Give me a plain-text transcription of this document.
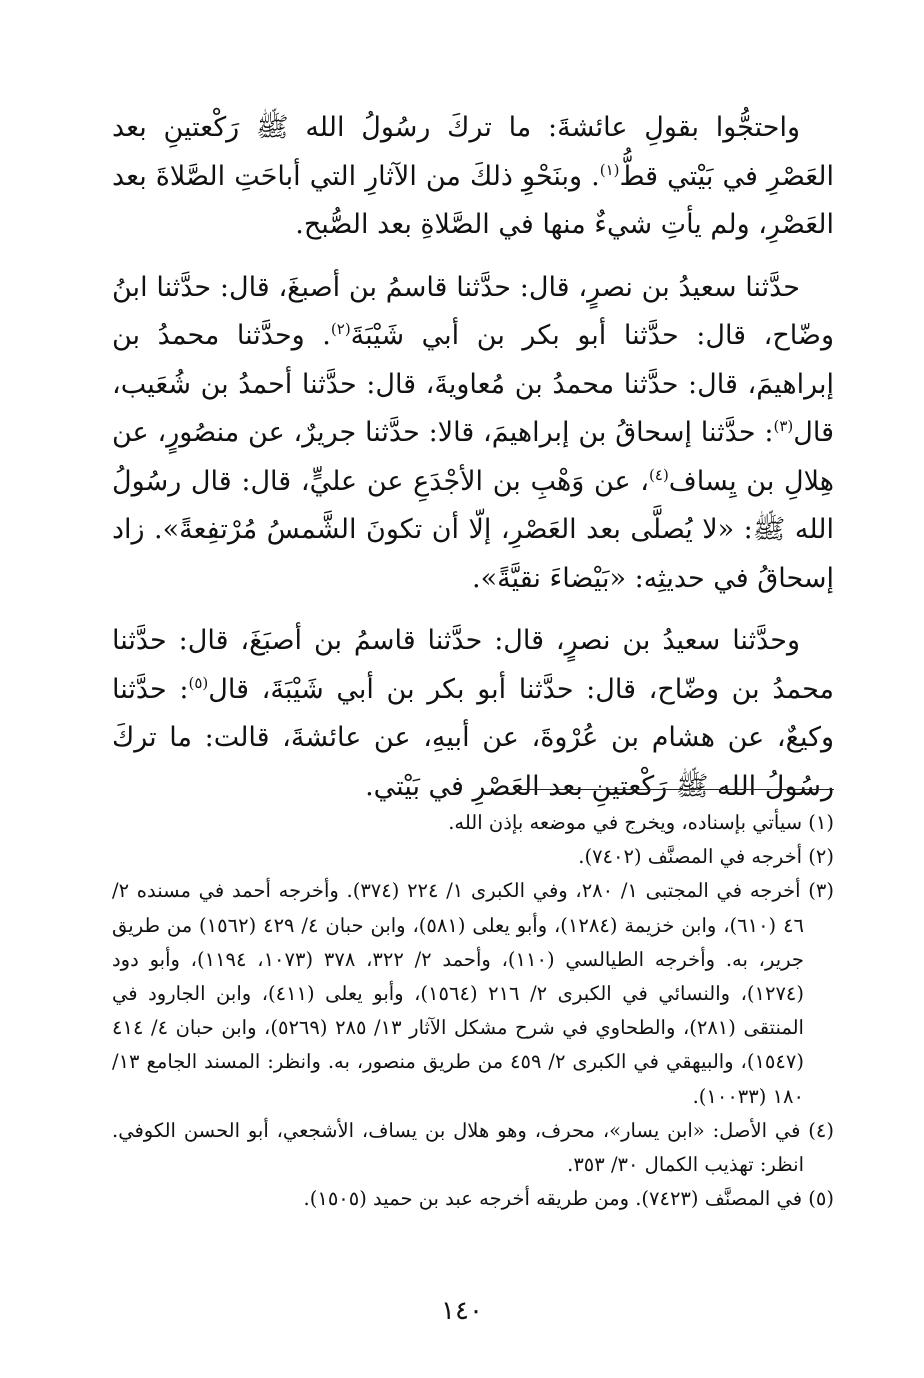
واحتجُّوا بقولِ عائشةَ: ما تركَ رسُولُ الله ﷺ رَكْعتينِ بعد العَصْرِ في بَيْتي قطُّ$^{(١)}$. وبنَحْوِ ذلكَ من الآثارِ التي أباحَتِ الصَّلاةَ بعد العَصْرِ، ولم يأتِ شيءٌ منها في الصَّلاةِ بعد الصُّبح.

حدَّثنا سعيدُ بن نصرٍ، قال: حدَّثنا قاسمُ بن أصبغَ، قال: حدَّثنا ابنُ وضّاح، قال: حدَّثنا أبو بكر بن أبي شَيْبَةَ$^{(٢)}$. وحدَّثنا محمدُ بن إبراهيمَ، قال: حدَّثنا محمدُ بن مُعاويةَ، قال: حدَّثنا أحمدُ بن شُعَيب، قال$^{(٣)}$: حدَّثنا إسحاقُ بن إبراهيمَ، قالا: حدَّثنا جريرٌ، عن منصُورٍ، عن هِلالِ بن يِساف$^{(٤)}$، عن وَهْبِ بن الأجْدَعِ عن عليٍّ، قال: قال رسُولُ الله ﷺ: «لا يُصلَّى بعد العَصْرِ، إلّا أن تكونَ الشَّمسُ مُرْتفِعةً». زاد إسحاقُ في حديثِه: «بَيْضاءَ نقيَّةً».

وحدَّثنا سعيدُ بن نصرٍ، قال: حدَّثنا قاسمُ بن أصبَغَ، قال: حدَّثنا محمدُ بن وضّاح، قال: حدَّثنا أبو بكر بن أبي شَيْبَةَ، قال$^{(٥)}$: حدَّثنا وكيعٌ، عن هشام بن عُرْوةَ، عن أبيهِ، عن عائشةَ، قالت: ما تركَ رسُولُ الله ﷺ رَكْعتينِ بعد العَصْرِ في بَيْتي.

(١) سيأتي بإسناده، ويخرج في موضعه بإذن الله.

(٢) أخرجه في المصنَّف (٧٤٠٢).

(٣) أخرجه في المجتبى ١/ ٢٨٠، وفي الكبرى ١/ ٢٢٤ (٣٧٤). وأخرجه أحمد في مسنده ٢/ ٤٦ (٦١٠)، وابن خزيمة (١٢٨٤)، وأبو يعلى (٥٨١)، وابن حبان ٤/ ٤٢٩ (١٥٦٢) من طريق جرير، به. وأخرجه الطيالسي (١١٠)، وأحمد ٢/ ٣٢٢، ٣٧٨ (١٠٧٣، ١١٩٤)، وأبو دود (١٢٧٤)، والنسائي في الكبرى ٢/ ٢١٦ (١٥٦٤)، وأبو يعلى (٤١١)، وابن الجارود في المنتقى (٢٨١)، والطحاوي في شرح مشكل الآثار ١٣/ ٢٨٥ (٥٢٦٩)، وابن حبان ٤/ ٤١٤ (١٥٤٧)، والبيهقي في الكبرى ٢/ ٤٥٩ من طريق منصور، به. وانظر: المسند الجامع ١٣/ ١٨٠ (١٠٠٣٣).

(٤) في الأصل: «ابن يسار»، محرف، وهو هلال بن يساف، الأشجعي، أبو الحسن الكوفي. انظر: تهذيب الكمال ٣٠/ ٣٥٣.

(٥) في المصنَّف (٧٤٢٣). ومن طريقه أخرجه عبد بن حميد (١٥٠٥).

١٤٠
